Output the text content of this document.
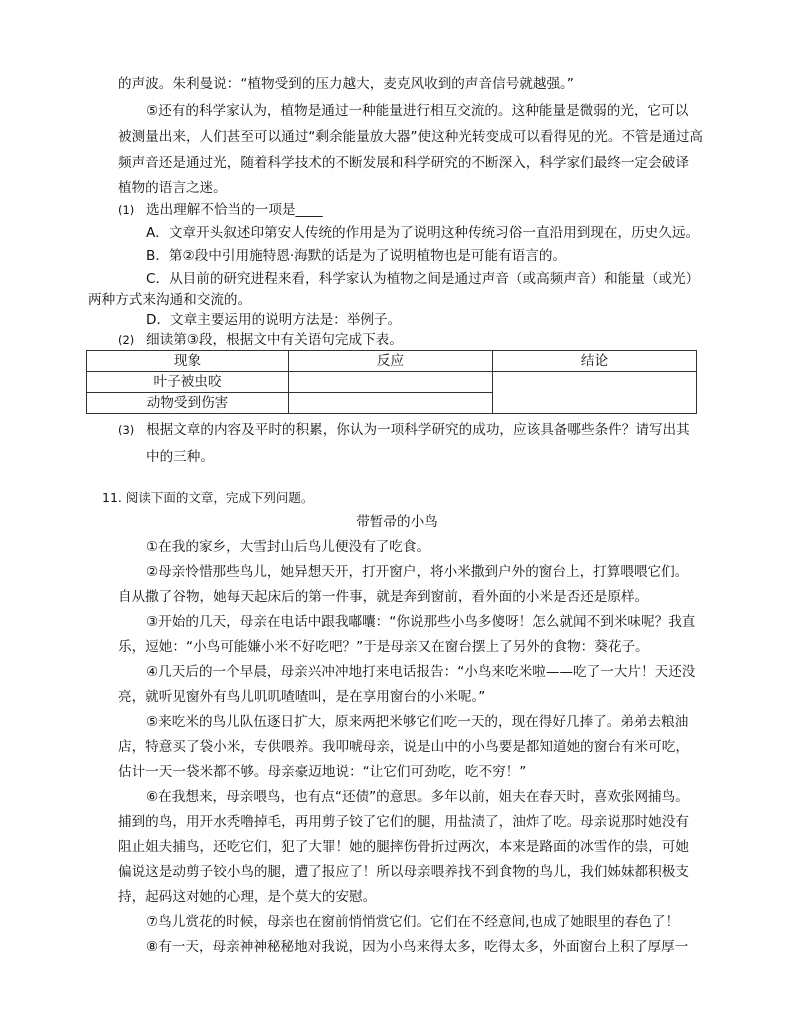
的声波。朱利曼说：“植物受到的压力越大，麦克风收到的声音信号就越强。”
⑤还有的科学家认为，植物是通过一种能量进行相互交流的。这种能量是微弱的光，它可以
被测量出来，人们甚至可以通过“剩余能量放大器”使这种光转变成可以看得见的光。不管是通过高
频声音还是通过光，随着科学技术的不断发展和科学研究的不断深入，科学家们最终一定会破译
植物的语言之迷。
(1) 选出理解不恰当的一项是____
A．文章开头叙述印第安人传统的作用是为了说明这种传统习俗一直沿用到现在，历史久远。
B．第②段中引用施特恩·海默的话是为了说明植物也是可能有语言的。
C．从目前的研究进程来看，科学家认为植物之间是通过声音（或高频声音）和能量（或光）
两种方式来沟通和交流的。
D．文章主要运用的说明方法是：举例子。
(2) 细读第③段，根据文中有关语句完成下表。
现象	反应	结论
叶子被虫咬		
动物受到伤害		
(3) 根据文章的内容及平时的积累，你认为一项科学研究的成功，应该具备哪些条件？请写出其
中的三种。
11. 阅读下面的文章，完成下列问题。
带暂帚的小鸟
①在我的家乡，大雪封山后鸟儿便没有了吃食。
②母亲怜惜那些鸟儿，她异想天开，打开窗户，将小米撒到户外的窗台上，打算喂喂它们。
自从撒了谷物，她每天起床后的第一件事，就是奔到窗前，看外面的小米是否还是原样。
③开始的几天，母亲在电话中跟我嘟囔：“你说那些小鸟多傻呀！怎么就闻不到米味呢？我直
乐，逗她：“小鸟可能嫌小米不好吃吧？”于是母亲又在窗台摆上了另外的食物：葵花子。
④几天后的一个早晨，母亲兴冲冲地打来电话报告：“小鸟来吃米啦——吃了一大片！天还没
亮，就听见窗外有鸟儿叽叽喳喳叫，是在享用窗台的小米呢。”
⑤来吃米的鸟儿队伍逐日扩大，原来两把米够它们吃一天的，现在得好几捧了。弟弟去粮油
店，特意买了袋小米，专供喂养。我叩唬母亲，说是山中的小鸟要是都知道她的窗台有米可吃，
估计一天一袋米都不够。母亲豪迈地说：“让它们可劲吃，吃不穷！”
⑥在我想来，母亲喂鸟，也有点“还债”的意思。多年以前，姐夫在春天时，喜欢张网捕鸟。
捕到的鸟，用开水秃噜掉毛，再用剪子铰了它们的腿，用盐渍了，油炸了吃。母亲说那时她没有
阻止姐夫捕鸟，还吃它们，犯了大罪！她的腿摔伤骨折过两次，本来是路面的冰雪作的祟，可她
偏说这是动剪子铰小鸟的腿，遭了报应了！所以母亲喂养找不到食物的鸟儿，我们姊妹都积极支
持，起码这对她的心理，是个莫大的安慰。
⑦鸟儿赏花的时候，母亲也在窗前悄悄赏它们。它们在不经意间,也成了她眼里的春色了！
⑧有一天，母亲神神秘秘地对我说，因为小鸟来得太多，吃得太多，外面窗台上积了厚厚一
